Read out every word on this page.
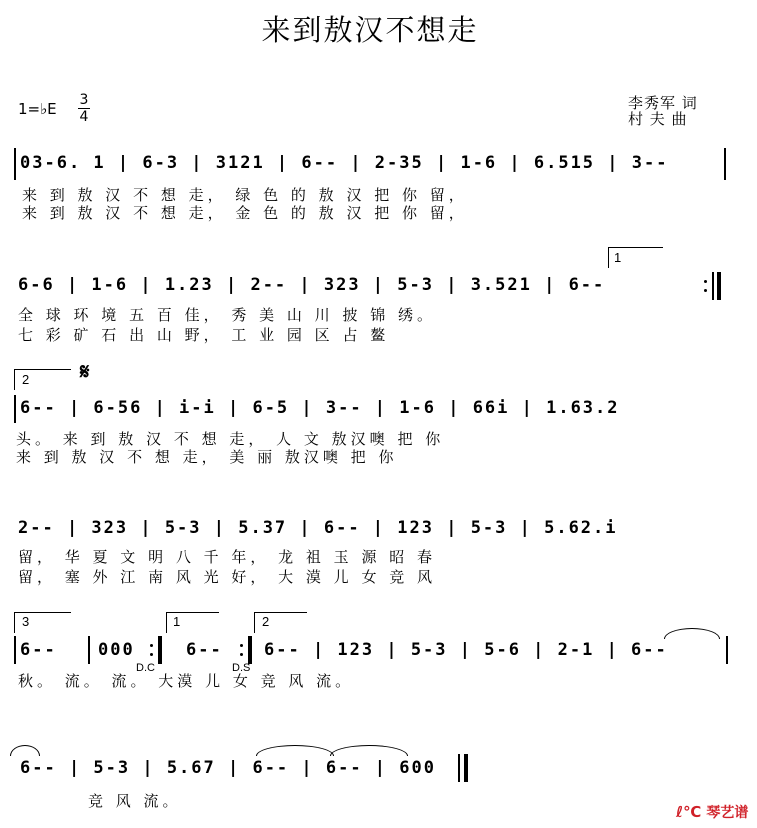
来到敖汉不想走
1=♭E 3
4
李秀军 词
村 夫 曲
03-6. 1 | 6-3 | 3121 | 6-- | 2-35 | 1-6 | 6.515 | 3--
来 到 敖 汉 不 想 走， 绿 色 的 敖 汉 把 你 留，
来 到 敖 汉 不 想 走， 金 色 的 敖 汉 把 你 留，
1
6-6 | 1-6 | 1.23 | 2-- | 323 | 5-3 | 3.521 | 6--
全 球 环 境 五 百 佳， 秀 美 山 川 披 锦 绣。
七 彩 矿 石 出 山 野， 工 业 园 区 占 鳌
2 𝄋
6-- | 6-56 | i-i | 6-5 | 3-- | 1-6 | 66i | 1.63.2
头。 来 到 敖 汉 不 想 走， 人 文 敖汉噢 把 你
来 到 敖 汉 不 想 走， 美 丽 敖汉噢 把 你
2-- | 323 | 5-3 | 5.37 | 6-- | 123 | 5-3 | 5.62.i
留， 华 夏 文 明 八 千 年， 龙 祖 玉 源 昭 春
留， 塞 外 江 南 风 光 好， 大 漠 儿 女 竞 风
3	1	2
6-- 000
D.C
6--
D.S
6-- | 123 | 5-3 | 5-6 | 2-1 | 6--
秋。 流。 流。 大漠 儿 女 竞 风 流。
6-- | 5-3 | 5.67 | 6-- | 6-- | 600
竞 风 流。
ℓ℃ 琴艺谱
